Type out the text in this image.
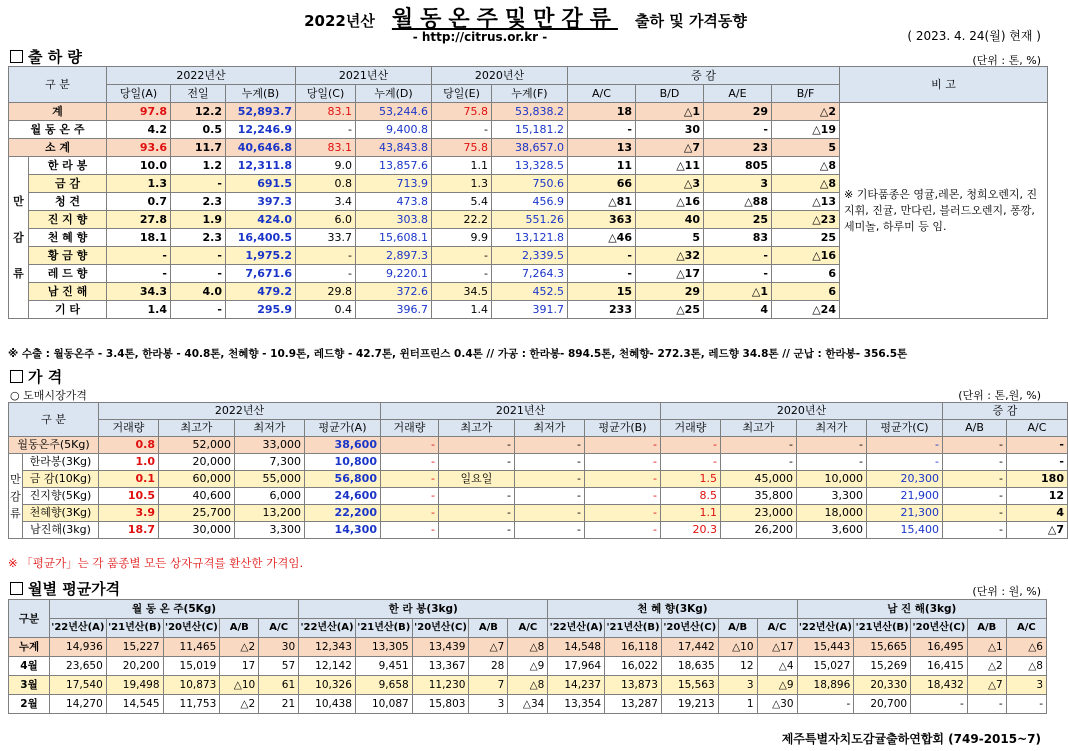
2022년산 월동온주및만감류 출하 및 가격동향
- http://citrus.or.kr -	( 2023. 4. 24(월) 현재 )
출 하 량	(단위 : 톤, %)
구 분		2022년산			2021년산		2020년산		증 감				비 고
		당일(A)	전일	누계(B)	당일(C)	누계(D)	당일(E)	누계(F)	A/C	B/D	A/E	B/F	
계		97.8	12.2	52,893.7	83.1	53,244.6	75.8	53,838.2	18	△1	29	△2	※ 기타품종은 영귤,레몬, 청희오렌지, 진지휘, 진귤, 만다린, 블러드오렌지, 퐁깡,세미놀, 하루미 등 임.
월 동 온 주		4.2	0.5	12,246.9	-	9,400.8	-	15,181.2	-	30	-	△19	
소 계		93.6	11.7	40,646.8	83.1	43,843.8	75.8	38,657.0	13	△7	23	5	

만
감
류	한 라 봉	10.0	1.2	12,311.8	9.0	13,857.6	1.1	13,328.5	11	△11	805	△8	
	금 감	1.3	-	691.5	0.8	713.9	1.3	750.6	66	△3	3	△8	
	청 견	0.7	2.3	397.3	3.4	473.8	5.4	456.9	△81	△16	△88	△13	
	진 지 향	27.8	1.9	424.0	6.0	303.8	22.2	551.26	363	40	25	△23	
	천 혜 향	18.1	2.3	16,400.5	33.7	15,608.1	9.9	13,121.8	△46	5	83	25	
	황 금 향	-	-	1,975.2	-	2,897.3	-	2,339.5	-	△32	-	△16	
	레 드 향	-	-	7,671.6	-	9,220.1	-	7,264.3	-	△17	-	6	
	남 진 해	34.3	4.0	479.2	29.8	372.6	34.5	452.5	15	29	△1	6	
	기 타	1.4	-	295.9	0.4	396.7	1.4	391.7	233	△25	4	△24	
※ 수출 : 월동온주 - 3.4톤, 한라봉 - 40.8톤, 천혜향 - 10.9톤, 레드향 - 42.7톤, 윈터프린스 0.4톤 // 가공 : 한라봉- 894.5톤, 천혜향- 272.3톤, 레드향 34.8톤 // 군납 : 한라봉- 356.5톤
가 격
○ 도매시장가격	(단위 : 톤,원, %)
구 분		2022년산				2021년산				2020년산				증 감	
		거래량	최고가	최저가	평균가(A)	거래량	최고가	최저가	평균가(B)	거래량	최고가	최저가	평균가(C)	A/B	A/C
월동온주(5Kg)		0.8	52,000	33,000	38,600	-	-	-	-	-	-	-	-	-	-

만
감
류	한라봉(3Kg)	1.0	20,000	7,300	10,800	-	-	-	-	-	-	-	-	-	-
	금 감(10Kg)	0.1	60,000	55,000	56,800	-	일요일	-	-	1.5	45,000	10,000	20,300	-	180
	진지향(5Kg)	10.5	40,600	6,000	24,600	-	-	-	-	8.5	35,800	3,300	21,900	-	12
	천혜향(3Kg)	3.9	25,700	13,200	22,200	-	-	-	-	1.1	23,000	18,000	21,300	-	4
	남진해(3kg)	18.7	30,000	3,300	14,300	-	-	-	-	20.3	26,200	3,600	15,400	-	△7
※ 「평균가」는 각 품종별 모든 상자규격를 환산한 가격임.
월별 평균가격	(단위 : 원, %)
구분	월 동 온 주(5Kg)					한 라 봉(3kg)					천 혜 향(3Kg)					남 진 해(3kg)				
	'22년산(A)	'21년산(B)	'20년산(C)	A/B	A/C	'22년산(A)	'21년산(B)	'20년산(C)	A/B	A/C	'22년산(A)	'21년산(B)	'20년산(C)	A/B	A/C	'22년산(A)	'21년산(B)	'20년산(C)	A/B	A/C
누계	14,936	15,227	11,465	△2	30	12,343	13,305	13,439	△7	△8	14,548	16,118	17,442	△10	△17	15,443	15,665	16,495	△1	△6
4월	23,650	20,200	15,019	17	57	12,142	9,451	13,367	28	△9	17,964	16,022	18,635	12	△4	15,027	15,269	16,415	△2	△8
3월	17,540	19,498	10,873	△10	61	10,326	9,658	11,230	7	△8	14,237	13,873	15,563	3	△9	18,896	20,330	18,432	△7	3
2월	14,270	14,545	11,753	△2	21	10,438	10,087	15,803	3	△34	13,354	13,287	19,213	1	△30	-	20,700	-	-	-
제주특별자치도감귤출하연합회 (749-2015~7)
